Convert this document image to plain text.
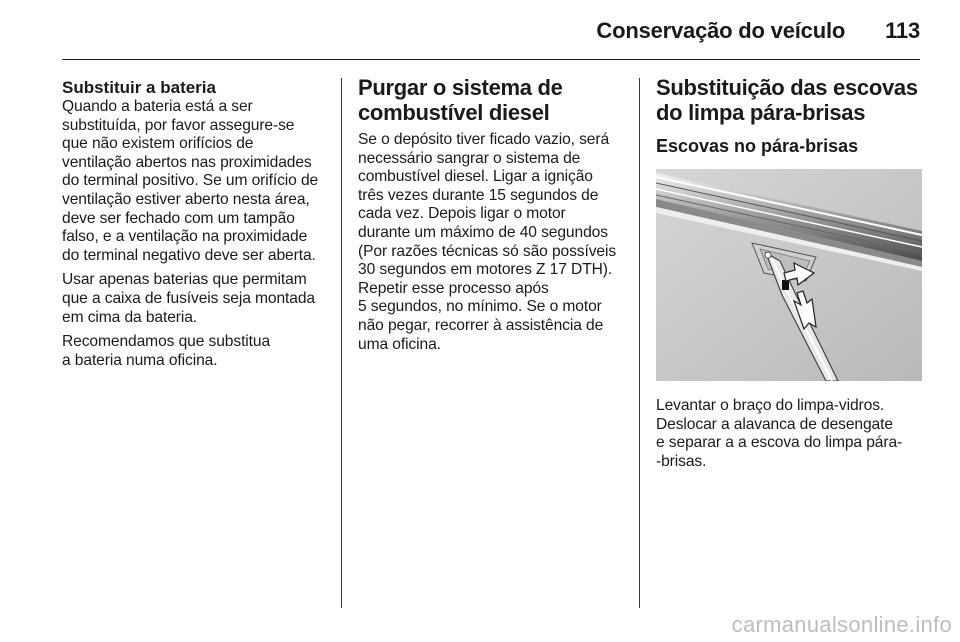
Conservação do veículo 113
Substituir a bateria
Quando a bateria está a ser
substituída, por favor assegure-se
que não existem orifícios de
ventilação abertos nas proximidades
do terminal positivo. Se um orifício de
ventilação estiver aberto nesta área,
deve ser fechado com um tampão
falso, e a ventilação na proximidade
do terminal negativo deve ser aberta.
Usar apenas baterias que permitam
que a caixa de fusíveis seja montada
em cima da bateria.
Recomendamos que substitua
a bateria numa oficina.
Purgar o sistema de
combustível diesel
Se o depósito tiver ficado vazio, será
necessário sangrar o sistema de
combustível diesel. Ligar a ignição
três vezes durante 15 segundos de
cada vez. Depois ligar o motor
durante um máximo de 40 segundos
(Por razões técnicas só são possíveis
30 segundos em motores Z 17 DTH).
Repetir esse processo após
5 segundos, no mínimo. Se o motor
não pegar, recorrer à assistência de
uma oficina.
Substituição das escovas
do limpa pára-brisas
Escovas no pára-brisas
Levantar o braço do limpa-vidros.
Deslocar a alavanca de desengate
e separar a a escova do limpa pára-
-brisas.
carmanualsonline.info
